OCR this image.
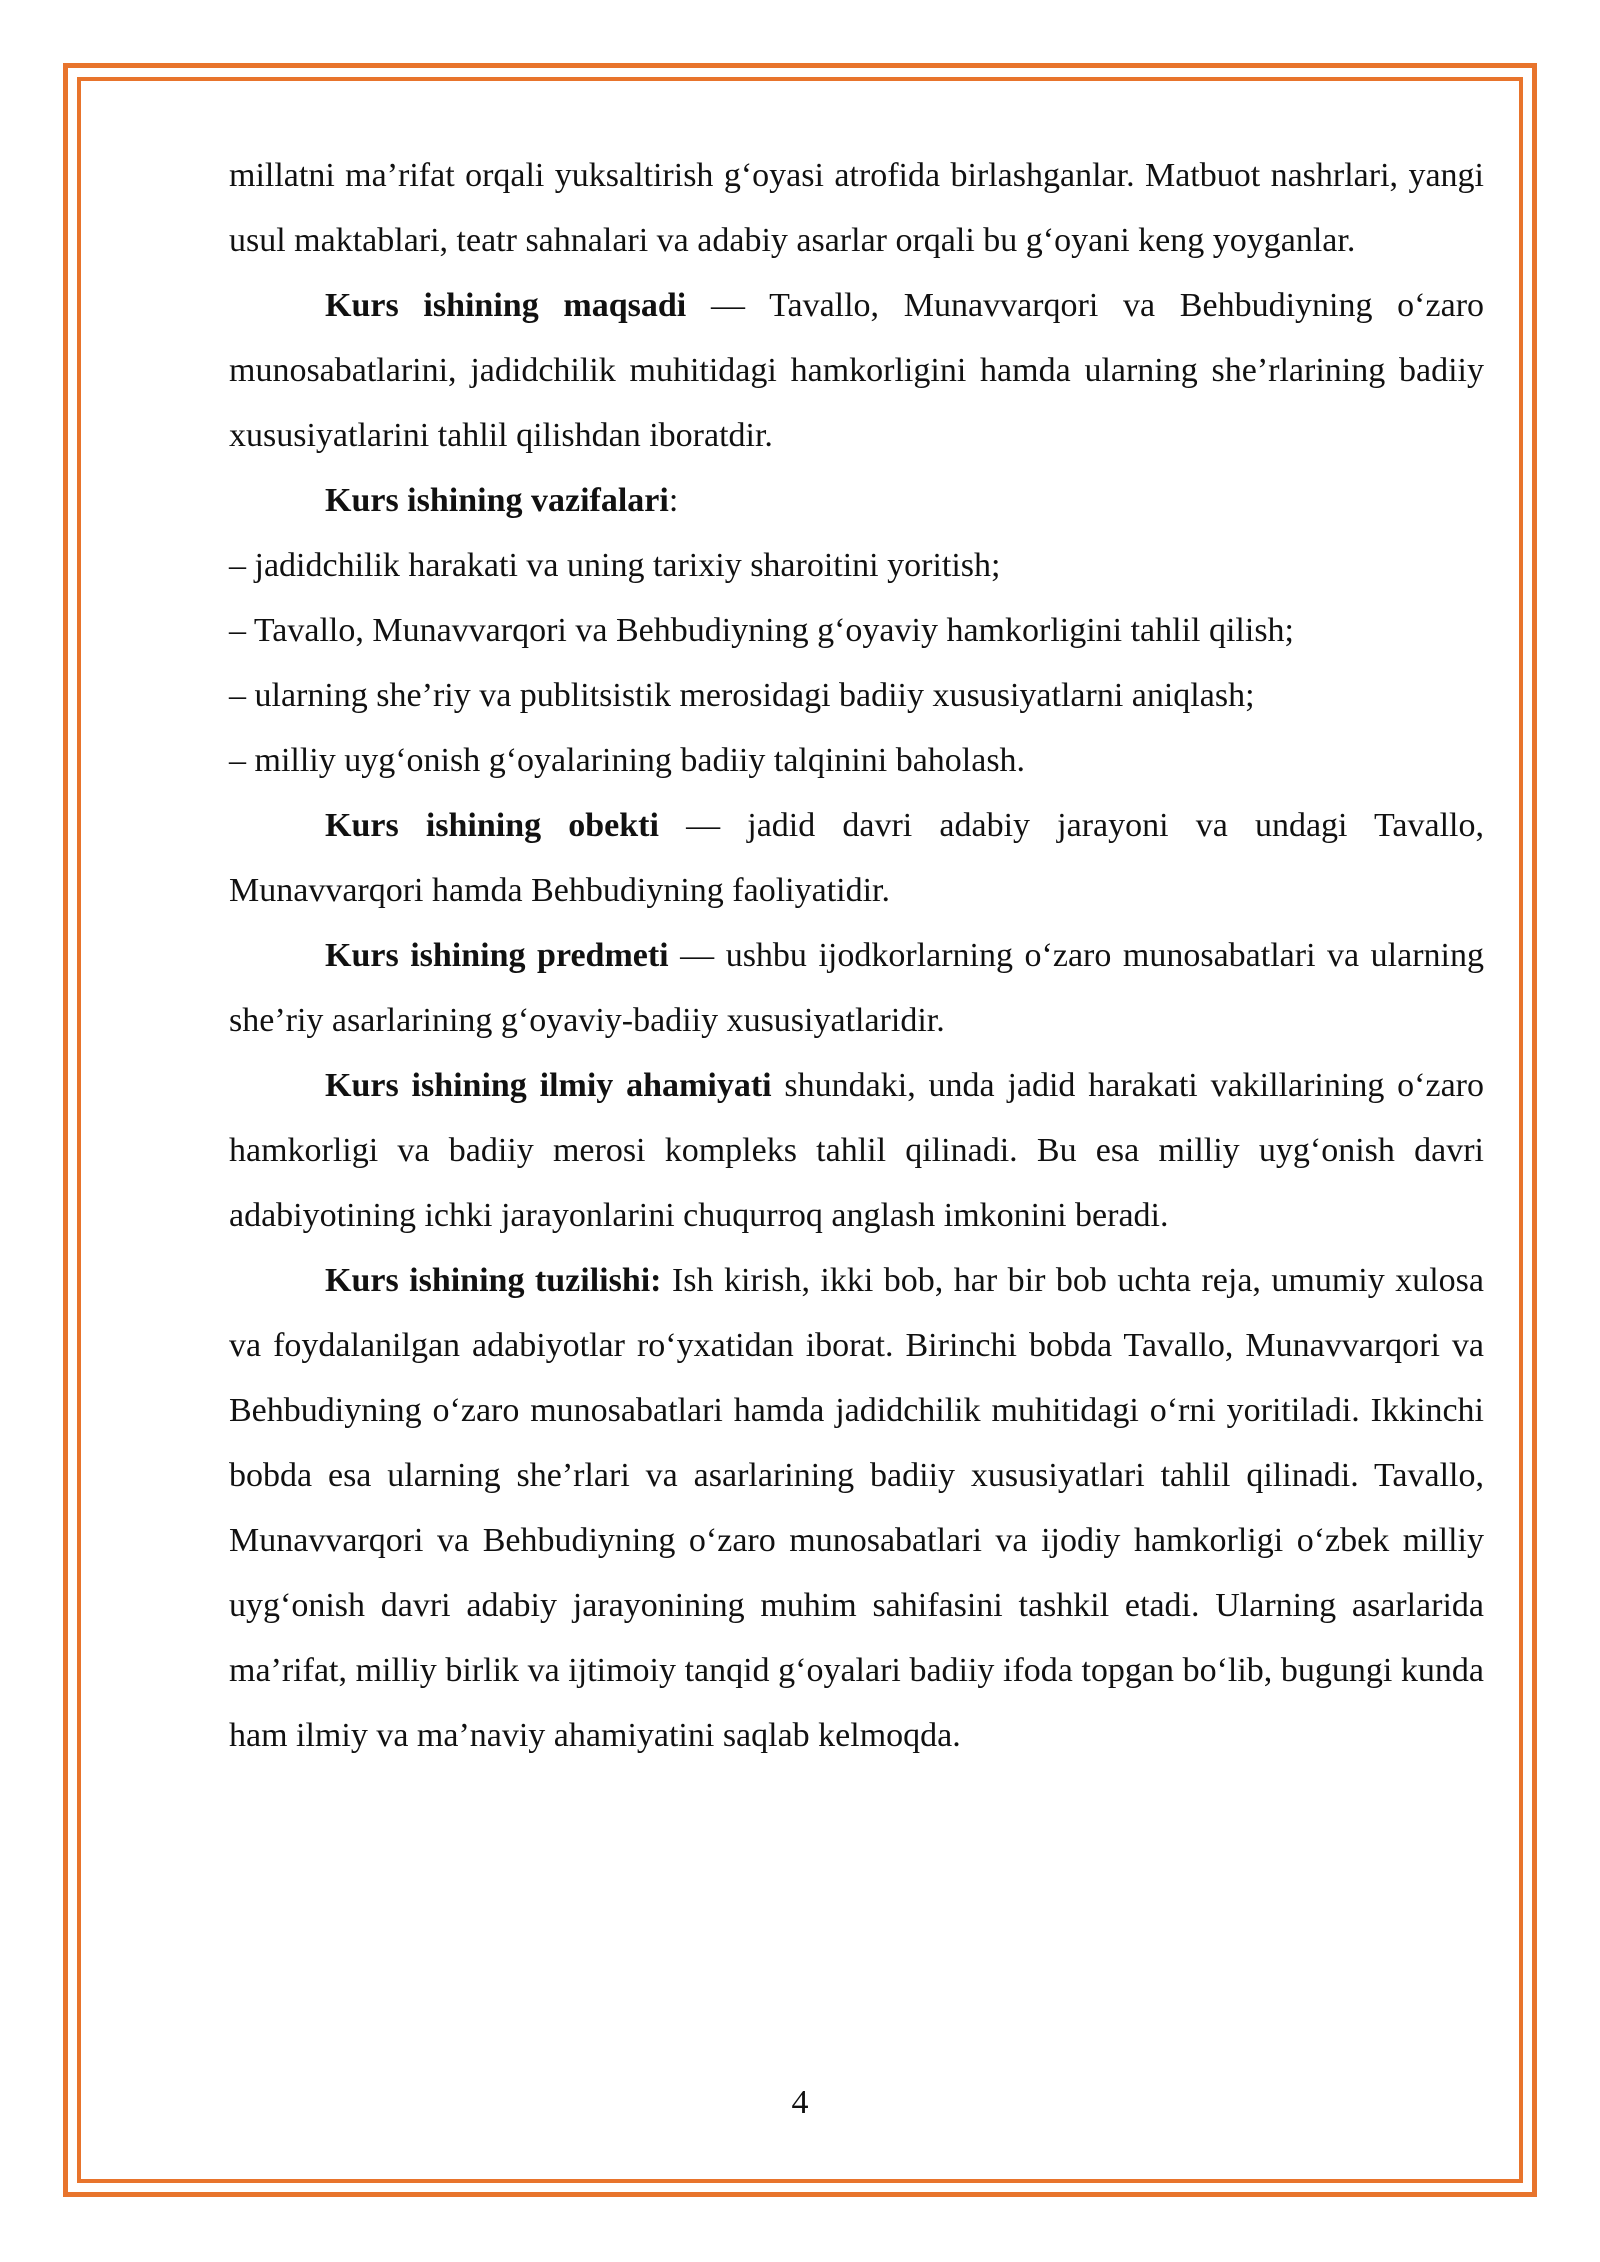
millatni ma’rifat orqali yuksaltirish g‘oyasi atrofida birlashganlar. Matbuot nashrlari, yangi usul maktablari, teatr sahnalari va adabiy asarlar orqali bu g‘oyani keng yoyganlar.

Kurs ishining maqsadi — Tavallo, Munavvarqori va Behbudiyning o‘zaro munosabatlarini, jadidchilik muhitidagi hamkorligini hamda ularning she’rlarining badiiy xususiyatlarini tahlil qilishdan iboratdir.

Kurs ishining vazifalari:

– jadidchilik harakati va uning tarixiy sharoitini yoritish;

– Tavallo, Munavvarqori va Behbudiyning g‘oyaviy hamkorligini tahlil qilish;

– ularning she’riy va publitsistik merosidagi badiiy xususiyatlarni aniqlash;

– milliy uyg‘onish g‘oyalarining badiiy talqinini baholash.

Kurs ishining obekti — jadid davri adabiy jarayoni va undagi Tavallo, Munavvarqori hamda Behbudiyning faoliyatidir.

Kurs ishining predmeti — ushbu ijodkorlarning o‘zaro munosabatlari va ularning she’riy asarlarining g‘oyaviy-badiiy xususiyatlaridir.

Kurs ishining ilmiy ahamiyati shundaki, unda jadid harakati vakillarining o‘zaro hamkorligi va badiiy merosi kompleks tahlil qilinadi. Bu esa milliy uyg‘onish davri adabiyotining ichki jarayonlarini chuqurroq anglash imkonini beradi.

Kurs ishining tuzilishi: Ish kirish, ikki bob, har bir bob uchta reja, umumiy xulosa va foydalanilgan adabiyotlar ro‘yxatidan iborat. Birinchi bobda Tavallo, Munavvarqori va Behbudiyning o‘zaro munosabatlari hamda jadidchilik muhitidagi o‘rni yoritiladi. Ikkinchi bobda esa ularning she’rlari va asarlarining badiiy xususiyatlari tahlil qilinadi. Tavallo, Munavvarqori va Behbudiyning o‘zaro munosabatlari va ijodiy hamkorligi o‘zbek milliy uyg‘onish davri adabiy jarayonining muhim sahifasini tashkil etadi. Ularning asarlarida ma’rifat, milliy birlik va ijtimoiy tanqid g‘oyalari badiiy ifoda topgan bo‘lib, bugungi kunda ham ilmiy va ma’naviy ahamiyatini saqlab kelmoqda.

4
